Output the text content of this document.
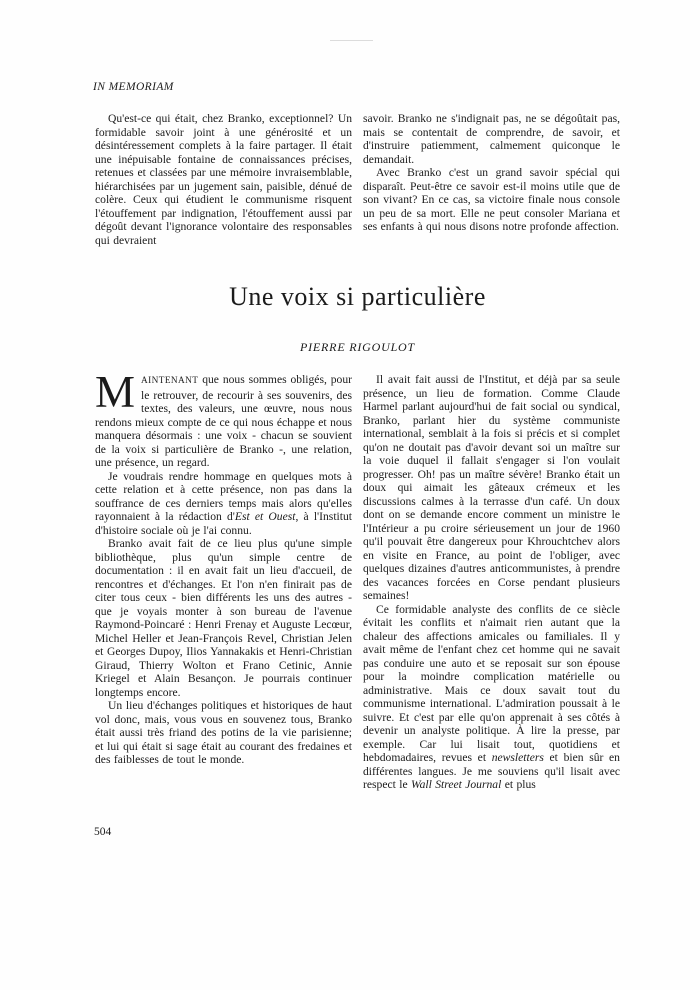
IN MEMORIAM

Qu'est-ce qui était, chez Branko, exceptionnel? Un formidable savoir joint à une générosité et un désintéressement complets à la faire partager. Il était une inépuisable fontaine de connaissances précises, retenues et classées par une mémoire invraisemblable, hiérarchisées par un jugement sain, paisible, dénué de colère. Ceux qui étudient le communisme risquent l'étouffement par indignation, l'étouffement aussi par dégoût devant l'ignorance volontaire des responsables qui devraient

savoir. Branko ne s'indignait pas, ne se dégoûtait pas, mais se contentait de comprendre, de savoir, et d'instruire patiemment, calmement quiconque le demandait.

Avec Branko c'est un grand savoir spécial qui disparaît. Peut-être ce savoir est-il moins utile que de son vivant? En ce cas, sa victoire finale nous console un peu de sa mort. Elle ne peut consoler Mariana et ses enfants à qui nous disons notre profonde affection.

Une voix si particulière
PIERRE RIGOULOT

MAINTENANT que nous sommes obligés, pour le retrouver, de recourir à ses souvenirs, des textes, des valeurs, une œuvre, nous nous rendons mieux compte de ce qui nous échappe et nous manquera désormais : une voix - chacun se souvient de la voix si particulière de Branko -, une relation, une présence, un regard.

Je voudrais rendre hommage en quelques mots à cette relation et à cette présence, non pas dans la souffrance de ces derniers temps mais alors qu'elles rayonnaient à la rédaction d'Est et Ouest, à l'Institut d'histoire sociale où je l'ai connu.

Branko avait fait de ce lieu plus qu'une simple bibliothèque, plus qu'un simple centre de documentation : il en avait fait un lieu d'accueil, de rencontres et d'échanges. Et l'on n'en finirait pas de citer tous ceux - bien différents les uns des autres - que je voyais monter à son bureau de l'avenue Raymond-Poincaré : Henri Frenay et Auguste Lecœur, Michel Heller et Jean-François Revel, Christian Jelen et Georges Dupoy, Ilios Yannakakis et Henri-Christian Giraud, Thierry Wolton et Frano Cetinic, Annie Kriegel et Alain Besançon. Je pourrais continuer longtemps encore.

Un lieu d'échanges politiques et historiques de haut vol donc, mais, vous vous en souvenez tous, Branko était aussi très friand des potins de la vie parisienne; et lui qui était si sage était au courant des fredaines et des faiblesses de tout le monde.

Il avait fait aussi de l'Institut, et déjà par sa seule présence, un lieu de formation. Comme Claude Harmel parlant aujourd'hui de fait social ou syndical, Branko, parlant hier du système communiste international, semblait à la fois si précis et si complet qu'on ne doutait pas d'avoir devant soi un maître sur la voie duquel il fallait s'engager si l'on voulait progresser. Oh! pas un maître sévère! Branko était un doux qui aimait les gâteaux crémeux et les discussions calmes à la terrasse d'un café. Un doux dont on se demande encore comment un ministre le l'Intérieur a pu croire sérieusement un jour de 1960 qu'il pouvait être dangereux pour Khrouchtchev alors en visite en France, au point de l'obliger, avec quelques dizaines d'autres anticommunistes, à prendre des vacances forcées en Corse pendant plusieurs semaines!

Ce formidable analyste des conflits de ce siècle évitait les conflits et n'aimait rien autant que la chaleur des affections amicales ou familiales. Il y avait même de l'enfant chez cet homme qui ne savait pas conduire une auto et se reposait sur son épouse pour la moindre complication matérielle ou administrative. Mais ce doux savait tout du communisme international. L'admiration poussait à le suivre. Et c'est par elle qu'on apprenait à ses côtés à devenir un analyste politique. À lire la presse, par exemple. Car lui lisait tout, quotidiens et hebdomadaires, revues et newsletters et bien sûr en différentes langues. Je me souviens qu'il lisait avec respect le Wall Street Journal et plus

504
